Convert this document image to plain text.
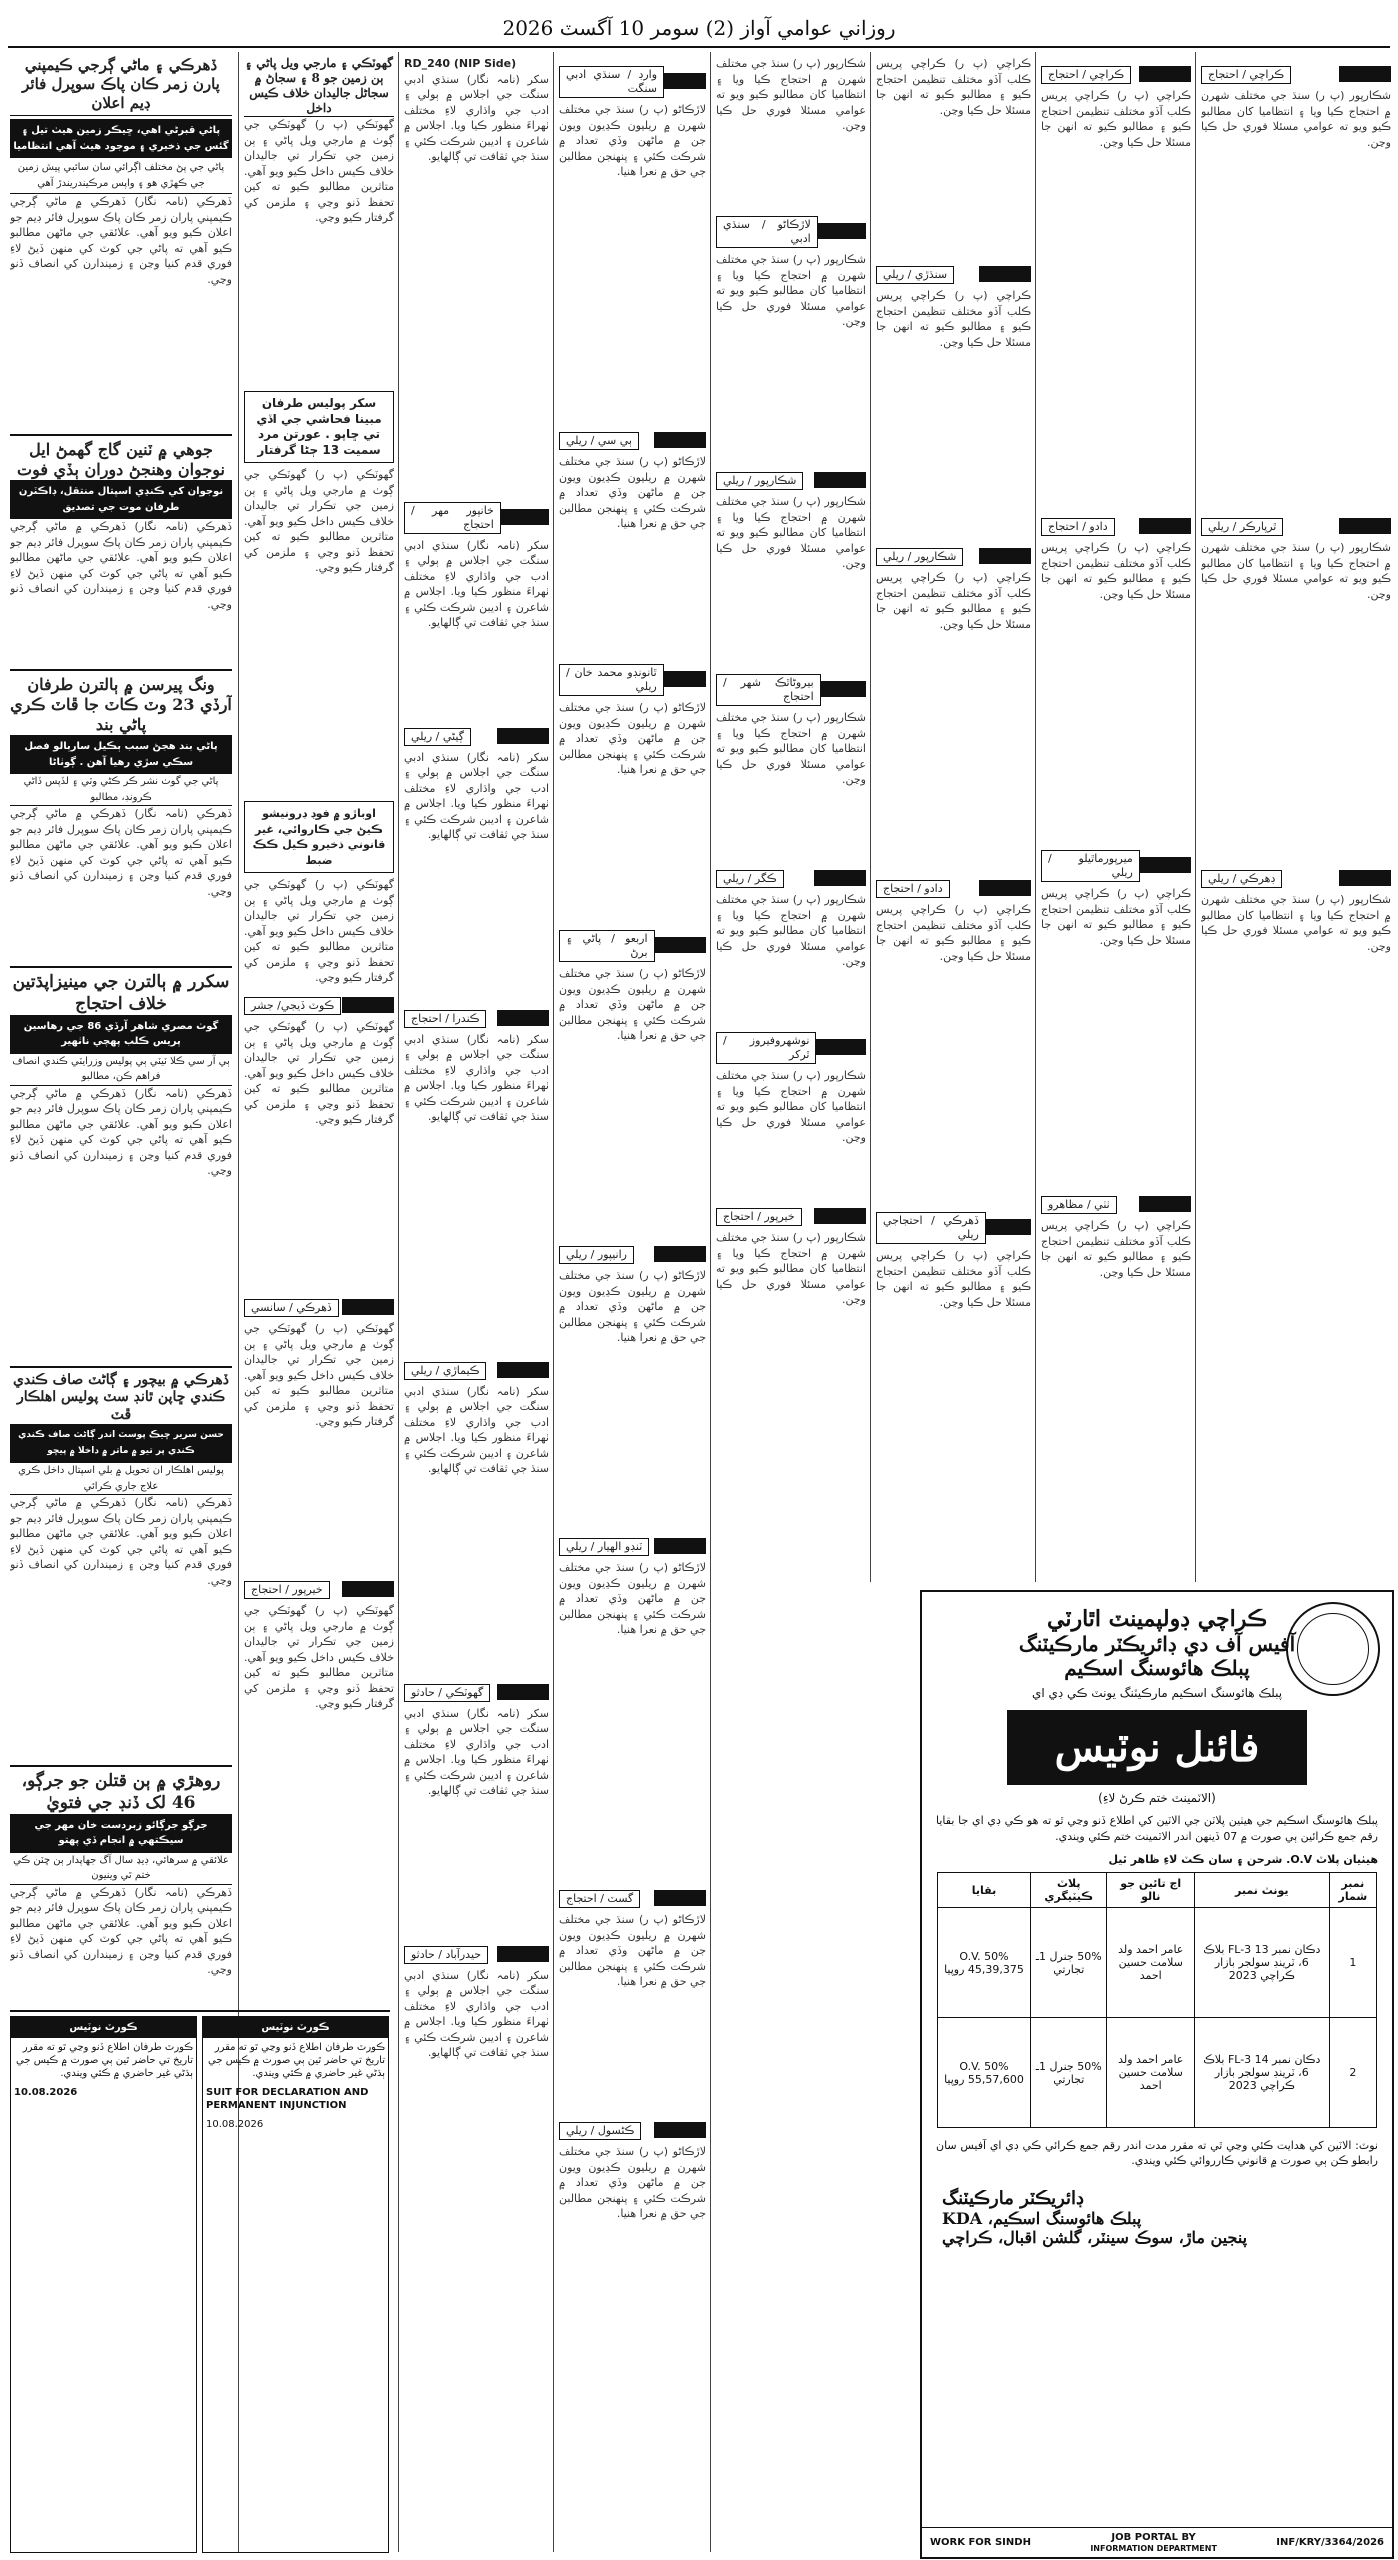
روزاني عوامي آواز (2) سومر 10 آگسٽ 2026
ڏهرڪي ۽ ماڻي ڳرجي ڪيمپني پارن زمر ڪان پاڪ سوپرل فائر ڊيم اعلان
پاڻي قبرڻي اهي، ڇيڪر زمين هيٺ تيل ۽ گئس جي ذخيري ۽ موجود هيٺ آهي انتظاميا
پاڻي جي پڻ مختلف اڳرائي سان سائبي پيش زمين جي ڪهڙي هو ۽ واپس مرڪيندريندڙ آهي
ڏهرڪي (نامہ نگار) ڏهرڪي ۾ ماڻي ڳرجي ڪيمپني پاران زمر ڪان پاڪ سوپرل فائر ڊيم جو اعلان ڪيو ويو آهي. علائقي جي ماڻهن مطالبو ڪيو آهي ته پاڻي جي کوٽ کي منهن ڏيڻ لاءِ فوري قدم کنيا وڃن ۽ زميندارن کي انصاف ڏنو وڃي.
جوهي ۾ ٽنين گاج گهمڻ ايل نوجوان وهنجڻ دوران ٻڏي فوت
نوجوان کي ڪنڍي اسپتال منتقل، ڊاڪٽرن طرفان موت جي تصديق
ڏهرڪي (نامہ نگار) ڏهرڪي ۾ ماڻي ڳرجي ڪيمپني پاران زمر ڪان پاڪ سوپرل فائر ڊيم جو اعلان ڪيو ويو آهي. علائقي جي ماڻهن مطالبو ڪيو آهي ته پاڻي جي کوٽ کي منهن ڏيڻ لاءِ فوري قدم کنيا وڃن ۽ زميندارن کي انصاف ڏنو وڃي.
ونگ پيرسن ۾ ٻالترن طرفان آرڏي 23 وٽ ڪاٽ جا ڦاٽ ڪري پاڻي بند
پاڻي بند هجڻ سبب ٻڪيل سارٻالو فصل سڪي سڙي رهيا آهن . ڳوٺاڻا
پاڻي جي گوٺ نشر ڪر ڪڻي وٽي ۽ لڏپس ڏاڻي ڪرونڊ، مطالبو
ڏهرڪي (نامہ نگار) ڏهرڪي ۾ ماڻي ڳرجي ڪيمپني پاران زمر ڪان پاڪ سوپرل فائر ڊيم جو اعلان ڪيو ويو آهي. علائقي جي ماڻهن مطالبو ڪيو آهي ته پاڻي جي کوٽ کي منهن ڏيڻ لاءِ فوري قدم کنيا وڃن ۽ زميندارن کي انصاف ڏنو وڃي.
سکرر ۾ ٻالترن جي مينيزاپڌتين خلاف احتجاج
گوٺ مصري شاهر آرڏي 86 جي رهاسين پريس ڪلب پهچي ناٺهير
ٻي آر سي ڪلا ٽيٽي ٻي پولیس وزرايٽي ڪندي انصاف فراهم ڪن، مطالبو
ڏهرڪي (نامہ نگار) ڏهرڪي ۾ ماڻي ڳرجي ڪيمپني پاران زمر ڪان پاڪ سوپرل فائر ڊيم جو اعلان ڪيو ويو آهي. علائقي جي ماڻهن مطالبو ڪيو آهي ته پاڻي جي کوٽ کي منهن ڏيڻ لاءِ فوري قدم کنيا وڃن ۽ زميندارن کي انصاف ڏنو وڃي.
ڏهرڪي ۾ بيچور ۽ ڳاڻٽ صاف ڪندي ڪندي ڇاپن ٿانڊ سٽ پوليس اهلڪار ڦٽ
حسن سرير ڇيڪ پوسٽ اندر ڳاڻٽ صاف ڪندي ڪندي پر تيو ۾ ماتر ۾ داخلا ۾ پيڇو
پوليس اهلڪار ان تحويل ۾ بلي اسپتال داخل ڪري علاج جاري ڪرائي
ڏهرڪي (نامہ نگار) ڏهرڪي ۾ ماڻي ڳرجي ڪيمپني پاران زمر ڪان پاڪ سوپرل فائر ڊيم جو اعلان ڪيو ويو آهي. علائقي جي ماڻهن مطالبو ڪيو آهي ته پاڻي جي کوٽ کي منهن ڏيڻ لاءِ فوري قدم کنيا وڃن ۽ زميندارن کي انصاف ڏنو وڃي.
روهڙي ۾ ٻن قتلن جو جرڳو، 46 لک ڏنڊ جي فتويٰ
جرڳو جرڳائو زبردست خان مهر جي سيڪتھي ۾ انجام ڏي پهتو
علائقي ۾ سرهائي، ڊيڍ سال آگ جهاپدار ٻن ڇٽن ڪي ختم ٿي وينيون
ڏهرڪي (نامہ نگار) ڏهرڪي ۾ ماڻي ڳرجي ڪيمپني پاران زمر ڪان پاڪ سوپرل فائر ڊيم جو اعلان ڪيو ويو آهي. علائقي جي ماڻهن مطالبو ڪيو آهي ته پاڻي جي کوٽ کي منهن ڏيڻ لاءِ فوري قدم کنيا وڃن ۽ زميندارن کي انصاف ڏنو وڃي.
ڪورٽ نوٽيس
ڪورٽ طرفان اطلاع ڏنو وڃي ٿو ته مقرر تاريخ تي حاضر ٿين ٻي صورت ۾ ڪيس جي ٻڌڻي غير حاضري ۾ ڪئي ويندي.
10.08.2026
ڪورٽ نوٽيس
ڪورٽ طرفان اطلاع ڏنو وڃي ٿو ته مقرر تاريخ تي حاضر ٿين ٻي صورت ۾ ڪيس جي ٻڌڻي غير حاضري ۾ ڪئي ويندي.
SUIT FOR DECLARATION AND PERMANENT INJUNCTION
10.08.2026
گھوٽڪي ۽ مارجي ويل پاڻي ۽ ٻن زمين جو 8 ۽ سجاڻ ۾ سجاڻل جاليدان خلاف ڪيس داخل
گھوٽڪي (پ ر) گھوٽڪي جي ڳوٺ ۾ مارجي ويل پاڻي ۽ ٻن زمين جي تڪرار تي جاليدان خلاف ڪيس داخل ڪيو ويو آهي. متاثرين مطالبو ڪيو ته کين تحفظ ڏنو وڃي ۽ ملزمن کي گرفتار ڪيو وڃي.
سکر پوليس طرفان مبينا فحاشي جي اڏي تي ڇاپو . عورتن مرد سميت 13 ڄڻا گرفتار
گھوٽڪي (پ ر) گھوٽڪي جي ڳوٺ ۾ مارجي ويل پاڻي ۽ ٻن زمين جي تڪرار تي جاليدان خلاف ڪيس داخل ڪيو ويو آهي. متاثرين مطالبو ڪيو ته کين تحفظ ڏنو وڃي ۽ ملزمن کي گرفتار ڪيو وڃي.
اوباڙو ۾ فوڊ ڊرونيشو ڪيڻ جي ڪاروائي، غير قانوني ذخيرو ڪيل ڪڪ ضبط
گھوٽڪي (پ ر) گھوٽڪي جي ڳوٺ ۾ مارجي ويل پاڻي ۽ ٻن زمين جي تڪرار تي جاليدان خلاف ڪيس داخل ڪيو ويو آهي. متاثرين مطالبو ڪيو ته کين تحفظ ڏنو وڃي ۽ ملزمن کي گرفتار ڪيو وڃي.
ڪوٽ ڏيجي/ جشر
گھوٽڪي (پ ر) گھوٽڪي جي ڳوٺ ۾ مارجي ويل پاڻي ۽ ٻن زمين جي تڪرار تي جاليدان خلاف ڪيس داخل ڪيو ويو آهي. متاثرين مطالبو ڪيو ته کين تحفظ ڏنو وڃي ۽ ملزمن کي گرفتار ڪيو وڃي.
ڏهرڪي / سانسي
گھوٽڪي (پ ر) گھوٽڪي جي ڳوٺ ۾ مارجي ويل پاڻي ۽ ٻن زمين جي تڪرار تي جاليدان خلاف ڪيس داخل ڪيو ويو آهي. متاثرين مطالبو ڪيو ته کين تحفظ ڏنو وڃي ۽ ملزمن کي گرفتار ڪيو وڃي.
خيرپور / احتجاج
گھوٽڪي (پ ر) گھوٽڪي جي ڳوٺ ۾ مارجي ويل پاڻي ۽ ٻن زمين جي تڪرار تي جاليدان خلاف ڪيس داخل ڪيو ويو آهي. متاثرين مطالبو ڪيو ته کين تحفظ ڏنو وڃي ۽ ملزمن کي گرفتار ڪيو وڃي.
RD_240 (NIP Side)
سکر (نامہ نگار) سنڌي ادبي سنگت جي اجلاس ۾ ٻولي ۽ ادب جي واڌاري لاءِ مختلف ٺهراءَ منظور ڪيا ويا. اجلاس ۾ شاعرن ۽ اديبن شرڪت ڪئي ۽ سنڌ جي ثقافت تي ڳالهايو.
خانپور مهر / احتجاج
سکر (نامہ نگار) سنڌي ادبي سنگت جي اجلاس ۾ ٻولي ۽ ادب جي واڌاري لاءِ مختلف ٺهراءَ منظور ڪيا ويا. اجلاس ۾ شاعرن ۽ اديبن شرڪت ڪئي ۽ سنڌ جي ثقافت تي ڳالهايو.
ڳيڻي / ريلي
سکر (نامہ نگار) سنڌي ادبي سنگت جي اجلاس ۾ ٻولي ۽ ادب جي واڌاري لاءِ مختلف ٺهراءَ منظور ڪيا ويا. اجلاس ۾ شاعرن ۽ اديبن شرڪت ڪئي ۽ سنڌ جي ثقافت تي ڳالهايو.
ڪندرا / احتجاج
سکر (نامہ نگار) سنڌي ادبي سنگت جي اجلاس ۾ ٻولي ۽ ادب جي واڌاري لاءِ مختلف ٺهراءَ منظور ڪيا ويا. اجلاس ۾ شاعرن ۽ اديبن شرڪت ڪئي ۽ سنڌ جي ثقافت تي ڳالهايو.
ڪيماڙي / ريلي
سکر (نامہ نگار) سنڌي ادبي سنگت جي اجلاس ۾ ٻولي ۽ ادب جي واڌاري لاءِ مختلف ٺهراءَ منظور ڪيا ويا. اجلاس ۾ شاعرن ۽ اديبن شرڪت ڪئي ۽ سنڌ جي ثقافت تي ڳالهايو.
گھوٽڪي / حادثو
سکر (نامہ نگار) سنڌي ادبي سنگت جي اجلاس ۾ ٻولي ۽ ادب جي واڌاري لاءِ مختلف ٺهراءَ منظور ڪيا ويا. اجلاس ۾ شاعرن ۽ اديبن شرڪت ڪئي ۽ سنڌ جي ثقافت تي ڳالهايو.
حيدرآباد / حادثو
سکر (نامہ نگار) سنڌي ادبي سنگت جي اجلاس ۾ ٻولي ۽ ادب جي واڌاري لاءِ مختلف ٺهراءَ منظور ڪيا ويا. اجلاس ۾ شاعرن ۽ اديبن شرڪت ڪئي ۽ سنڌ جي ثقافت تي ڳالهايو.
وارڊ / سنڌي ادبي سنگت
لاڙڪاڻو (پ ر) سنڌ جي مختلف شهرن ۾ ريليون ڪڍيون ويون جن ۾ ماڻهن وڏي تعداد ۾ شرڪت ڪئي ۽ پنهنجن مطالبن جي حق ۾ نعرا هنيا.
ٻي سي / ريلي
لاڙڪاڻو (پ ر) سنڌ جي مختلف شهرن ۾ ريليون ڪڍيون ويون جن ۾ ماڻهن وڏي تعداد ۾ شرڪت ڪئي ۽ پنهنجن مطالبن جي حق ۾ نعرا هنيا.
ٿانونڊو محمد خان / ريلي
لاڙڪاڻو (پ ر) سنڌ جي مختلف شهرن ۾ ريليون ڪڍيون ويون جن ۾ ماڻهن وڏي تعداد ۾ شرڪت ڪئي ۽ پنهنجن مطالبن جي حق ۾ نعرا هنيا.
اربعو / پاڻي ۽ برڻ
لاڙڪاڻو (پ ر) سنڌ جي مختلف شهرن ۾ ريليون ڪڍيون ويون جن ۾ ماڻهن وڏي تعداد ۾ شرڪت ڪئي ۽ پنهنجن مطالبن جي حق ۾ نعرا هنيا.
رانيپور / ريلي
لاڙڪاڻو (پ ر) سنڌ جي مختلف شهرن ۾ ريليون ڪڍيون ويون جن ۾ ماڻهن وڏي تعداد ۾ شرڪت ڪئي ۽ پنهنجن مطالبن جي حق ۾ نعرا هنيا.
ٽنڊو الهيار / ريلي
لاڙڪاڻو (پ ر) سنڌ جي مختلف شهرن ۾ ريليون ڪڍيون ويون جن ۾ ماڻهن وڏي تعداد ۾ شرڪت ڪئي ۽ پنهنجن مطالبن جي حق ۾ نعرا هنيا.
گسٽ / احتجاج
لاڙڪاڻو (پ ر) سنڌ جي مختلف شهرن ۾ ريليون ڪڍيون ويون جن ۾ ماڻهن وڏي تعداد ۾ شرڪت ڪئي ۽ پنهنجن مطالبن جي حق ۾ نعرا هنيا.
ڪڻسول / ريلي
لاڙڪاڻو (پ ر) سنڌ جي مختلف شهرن ۾ ريليون ڪڍيون ويون جن ۾ ماڻهن وڏي تعداد ۾ شرڪت ڪئي ۽ پنهنجن مطالبن جي حق ۾ نعرا هنيا.
شڪارپور (پ ر) سنڌ جي مختلف شهرن ۾ احتجاج ڪيا ويا ۽ انتظاميا کان مطالبو ڪيو ويو ته عوامي مسئلا فوري حل ڪيا وڃن.
لاڙڪاڻو / سنڌي ادبي
شڪارپور (پ ر) سنڌ جي مختلف شهرن ۾ احتجاج ڪيا ويا ۽ انتظاميا کان مطالبو ڪيو ويو ته عوامي مسئلا فوري حل ڪيا وڃن.
شڪارپور / ريلي
شڪارپور (پ ر) سنڌ جي مختلف شهرن ۾ احتجاج ڪيا ويا ۽ انتظاميا کان مطالبو ڪيو ويو ته عوامي مسئلا فوري حل ڪيا وڃن.
بيروڻاٿڪ شهر / احتجاج
شڪارپور (پ ر) سنڌ جي مختلف شهرن ۾ احتجاج ڪيا ويا ۽ انتظاميا کان مطالبو ڪيو ويو ته عوامي مسئلا فوري حل ڪيا وڃن.
ڪگر / ريلي
شڪارپور (پ ر) سنڌ جي مختلف شهرن ۾ احتجاج ڪيا ويا ۽ انتظاميا کان مطالبو ڪيو ويو ته عوامي مسئلا فوري حل ڪيا وڃن.
نوشهروفيروز / ٿرکر
شڪارپور (پ ر) سنڌ جي مختلف شهرن ۾ احتجاج ڪيا ويا ۽ انتظاميا کان مطالبو ڪيو ويو ته عوامي مسئلا فوري حل ڪيا وڃن.
خيرپور / احتجاج
شڪارپور (پ ر) سنڌ جي مختلف شهرن ۾ احتجاج ڪيا ويا ۽ انتظاميا کان مطالبو ڪيو ويو ته عوامي مسئلا فوري حل ڪيا وڃن.
ڪراچي (پ ر) ڪراچي پريس ڪلب آڏو مختلف تنظيمن احتجاج ڪيو ۽ مطالبو ڪيو ته انهن جا مسئلا حل ڪيا وڃن.
سنڌڙي / ريلي
ڪراچي (پ ر) ڪراچي پريس ڪلب آڏو مختلف تنظيمن احتجاج ڪيو ۽ مطالبو ڪيو ته انهن جا مسئلا حل ڪيا وڃن.
شڪارپور / ريلي
ڪراچي (پ ر) ڪراچي پريس ڪلب آڏو مختلف تنظيمن احتجاج ڪيو ۽ مطالبو ڪيو ته انهن جا مسئلا حل ڪيا وڃن.
دادو / احتجاج
ڪراچي (پ ر) ڪراچي پريس ڪلب آڏو مختلف تنظيمن احتجاج ڪيو ۽ مطالبو ڪيو ته انهن جا مسئلا حل ڪيا وڃن.
ڏهرڪي / احتجاجي ريلي
ڪراچي (پ ر) ڪراچي پريس ڪلب آڏو مختلف تنظيمن احتجاج ڪيو ۽ مطالبو ڪيو ته انهن جا مسئلا حل ڪيا وڃن.
ڪراچي / احتجاج
ڪراچي (پ ر) ڪراچي پريس ڪلب آڏو مختلف تنظيمن احتجاج ڪيو ۽ مطالبو ڪيو ته انهن جا مسئلا حل ڪيا وڃن.
دادو / احتجاج
ڪراچي (پ ر) ڪراچي پريس ڪلب آڏو مختلف تنظيمن احتجاج ڪيو ۽ مطالبو ڪيو ته انهن جا مسئلا حل ڪيا وڃن.
ميرپورماٿيلو / ريلي
ڪراچي (پ ر) ڪراچي پريس ڪلب آڏو مختلف تنظيمن احتجاج ڪيو ۽ مطالبو ڪيو ته انهن جا مسئلا حل ڪيا وڃن.
ٺٺي / مظاهرو
ڪراچي (پ ر) ڪراچي پريس ڪلب آڏو مختلف تنظيمن احتجاج ڪيو ۽ مطالبو ڪيو ته انهن جا مسئلا حل ڪيا وڃن.
ڪراچي / احتجاج
شڪارپور (پ ر) سنڌ جي مختلف شهرن ۾ احتجاج ڪيا ويا ۽ انتظاميا کان مطالبو ڪيو ويو ته عوامي مسئلا فوري حل ڪيا وڃن.
ٿرپارڪر / ريلي
شڪارپور (پ ر) سنڌ جي مختلف شهرن ۾ احتجاج ڪيا ويا ۽ انتظاميا کان مطالبو ڪيو ويو ته عوامي مسئلا فوري حل ڪيا وڃن.
ڊهرڪي / ريلي
شڪارپور (پ ر) سنڌ جي مختلف شهرن ۾ احتجاج ڪيا ويا ۽ انتظاميا کان مطالبو ڪيو ويو ته عوامي مسئلا فوري حل ڪيا وڃن.
ڪراچي ڊولپمينٽ اٿارٽي
آفيس آف دي ڊائريڪٽر مارڪيٽنگ
پبلڪ هائوسنگ اسڪيم
پبلڪ هائوسنگ اسڪيم مارڪيٽنگ يونٽ ڪي ڊي اي
فائنل نوٽيس
(الاٽمينٽ ختم ڪرڻ لاءِ)
پبلڪ هائوسنگ اسڪيم جي هيٺين پلاٽن جي الاٽين کي اطلاع ڏنو وڃي ٿو ته هو ڪي ڊي اي جا بقايا رقم جمع ڪرائين ٻي صورت ۾ 07 ڏينهن اندر الاٽمينٽ ختم ڪئي ويندي.
هيٺيان پلاٽ O.V. شرحن ۽ سان ڪٽ لاءِ ظاهر ٿيل
نمبر شمار	يونٽ نمبر	اڄ تائين جو نالو	پلاٽ ڪيٽيگري	بقايا
1	دڪان نمبر 13 FL-3 بلاڪ 6، ٽرينڊ سولجر بازار ڪراچي 2023	عامر احمد ولد سلامت حسين احمد	50% جنرل 1ـ تجارتي	50% O.V. 45,39,375 روپيا
2	دڪان نمبر 14 FL-3 بلاڪ 6، ٽرينڊ سولجر بازار ڪراچي 2023	عامر احمد ولد سلامت حسين احمد	50% جنرل 1ـ تجارتي	50% O.V. 55,57,600 روپيا
نوٽ: الاٽين کي هدايت ڪئي وڃي ٿي ته مقرر مدت اندر رقم جمع ڪرائي ڪي ڊي اي آفيس سان رابطو ڪن ٻي صورت ۾ قانوني ڪارروائي ڪئي ويندي.
ڊائريڪٽر مارڪيٽنگ
پبلڪ هائوسنگ اسڪيم، KDA
پنجين ماڙ، سوڪ سينٽر، گلشن اقبال، ڪراچي
WORK FOR SINDH	JOB PORTAL BY
INFORMATION DEPARTMENT	INF/KRY/3364/2026
